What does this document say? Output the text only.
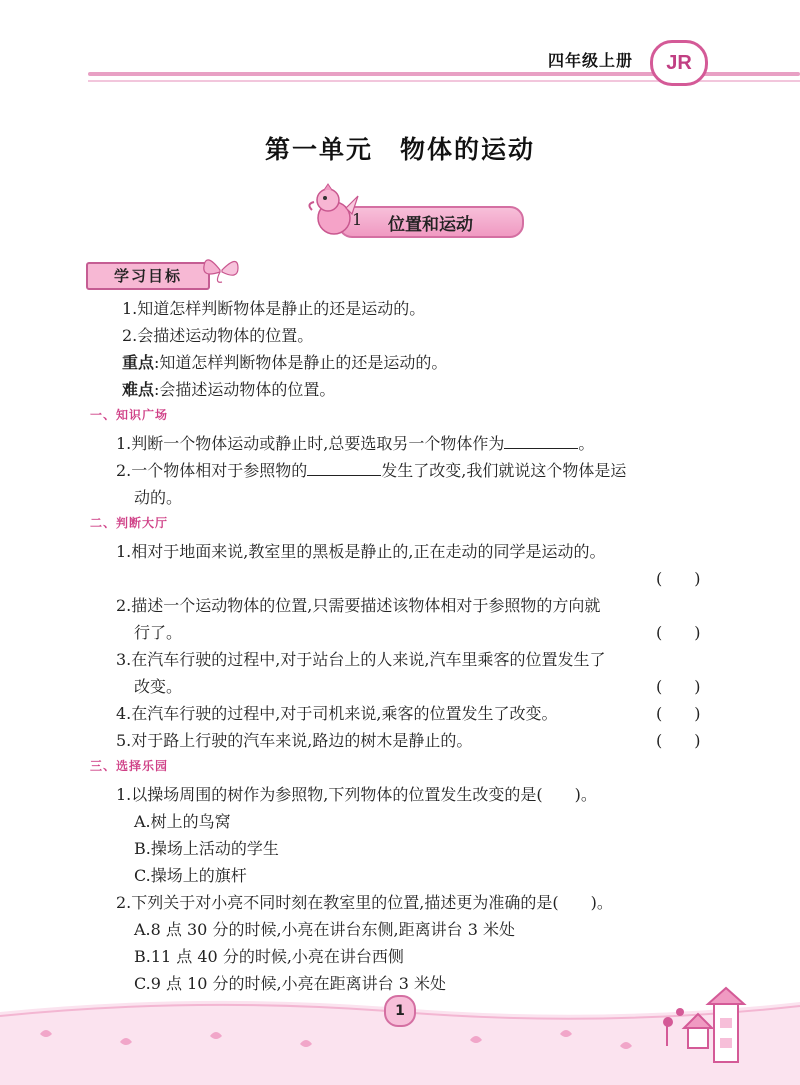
四年级上册	JR
第一单元　物体的运动
1 位置和运动
学习目标
1.知道怎样判断物体是静止的还是运动的。
2.会描述运动物体的位置。
重点:知道怎样判断物体是静止的还是运动的。
难点:会描述运动物体的位置。
一、知识广场
1.判断一个物体运动或静止时,总要选取另一个物体作为	。
2.一个物体相对于参照物的	发生了改变,我们就说这个物体是运
动的。
二、判断大厅
1.相对于地面来说,教室里的黑板是静止的,正在走动的同学是运动的。
(　　)
2.描述一个运动物体的位置,只需要描述该物体相对于参照物的方向就
行了。	(　　)
3.在汽车行驶的过程中,对于站台上的人来说,汽车里乘客的位置发生了
改变。	(　　)
4.在汽车行驶的过程中,对于司机来说,乘客的位置发生了改变。	(　　)
5.对于路上行驶的汽车来说,路边的树木是静止的。	(　　)
三、选择乐园
1.以操场周围的树作为参照物,下列物体的位置发生改变的是(　　)。
A.树上的鸟窝
B.操场上活动的学生
C.操场上的旗杆
2.下列关于对小亮不同时刻在教室里的位置,描述更为准确的是(　　)。
A.8 点 30 分的时候,小亮在讲台东侧,距离讲台 3 米处
B.11 点 40 分的时候,小亮在讲台西侧
C.9 点 10 分的时候,小亮在距离讲台 3 米处
1
